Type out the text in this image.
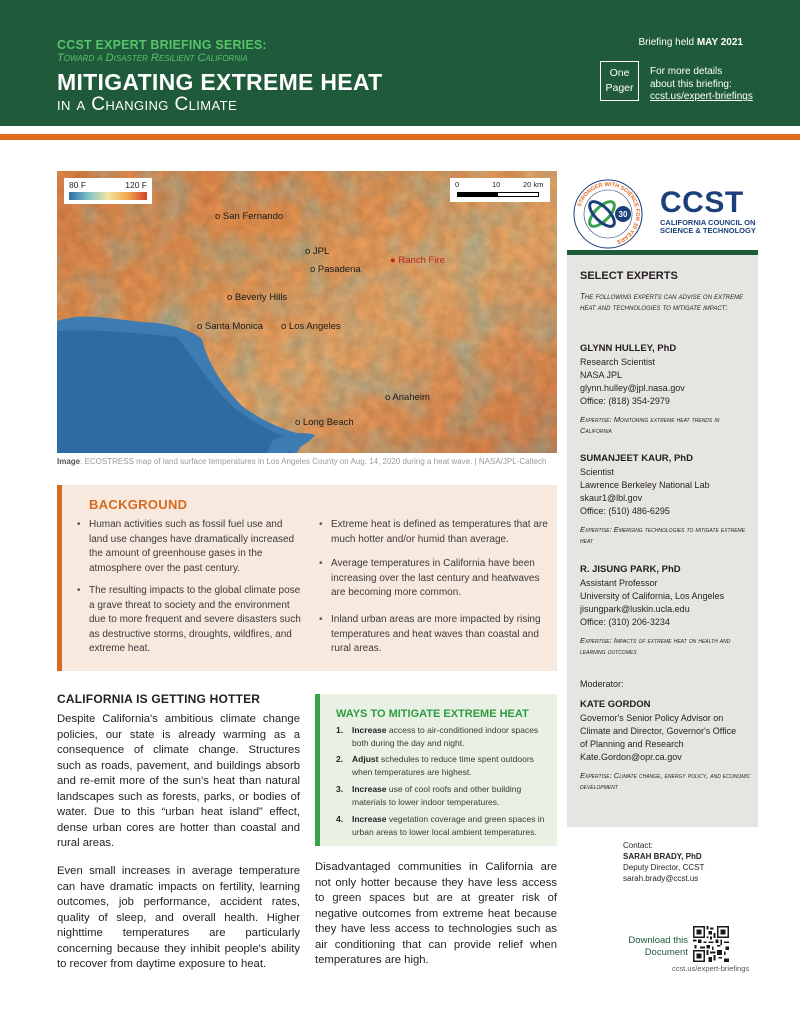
CCST EXPERT BRIEFING SERIES:
Toward a Disaster Resilient California
MITIGATING EXTREME HEAT
in a Changing Climate
Briefing held MAY 2021
One
Pager
For more details
about this briefing:
ccst.us/expert-briefings
80 F	120 F	0	10	20 km
o San Fernando
o JPL
o Pasadena
● Ranch Fire
o Beverly Hills
o Santa Monica o Los Angeles
o Anaheim
o Long Beach
Image: ECOSTRESS map of land surface temperatures in Los Angeles County on Aug. 14, 2020 during a heat wave. | NASA/JPL-Caltech
STRONGER WITH SCIENCE FOR 30 YEARS
30 CCST
CALIFORNIA COUNCIL ON
SCIENCE & TECHNOLOGY
SELECT EXPERTS
The following experts can advise on extreme heat and technologies to mitigate impact:
GLYNN HULLEY, PhD
Research Scientist
NASA JPL
glynn.hulley@jpl.nasa.gov
Office: (818) 354-2979
Expertise: Monitoring extreme heat trends in California
SUMANJEET KAUR, PhD
Scientist
Lawrence Berkeley National Lab
skaur1@lbl.gov
Office: (510) 486-6295
Expertise: Emerging technologies to mitigate extreme heat
R. JISUNG PARK, PhD
Assistant Professor
University of California, Los Angeles
jisungpark@luskin.ucla.edu
Office: (310) 206-3234
Expertise: Impacts of extreme heat on health and learning outcomes
Moderator:
KATE GORDON
Governor's Senior Policy Advisor on
Climate and Director, Governor's Office
of Planning and Research
Kate.Gordon@opr.ca.gov
Expertise: Climate change, energy policy, and economic development
Contact:
SARAH BRADY, PhD
Deputy Director, CCST
sarah.brady@ccst.us
Download this
Document
ccst.us/expert-briefings
BACKGROUND
• Human activities such as fossil fuel use and land use changes have dramatically increased the amount of greenhouse gases in the atmosphere over the past century.
• The resulting impacts to the global climate pose a grave threat to society and the environment due to more frequent and severe disasters such as destructive storms, droughts, wildfires, and extreme heat.
• Extreme heat is defined as temperatures that are much hotter and/or humid than average.
• Average temperatures in California have been increasing over the last century and heatwaves are becoming more common.
• Inland urban areas are more impacted by rising temperatures and heat waves than coastal and rural areas.
CALIFORNIA IS GETTING HOTTER
Despite California's ambitious climate change policies, our state is already warming as a consequence of climate change. Structures such as roads, pavement, and buildings absorb and re-emit more of the sun's heat than natural landscapes such as forests, parks, or bodies of water. Due to this “urban heat island” effect, dense urban cores are hotter than coastal and rural areas.
Even small increases in average temperature can have dramatic impacts on fertility, learning outcomes, job performance, accident rates, quality of sleep, and overall health. Higher nighttime temperatures are particularly concerning because they inhibit people's ability to recover from daytime exposure to heat.
WAYS TO MITIGATE EXTREME HEAT
1. Increase access to air-conditioned indoor spaces both during the day and night.
2. Adjust schedules to reduce time spent outdoors when temperatures are highest.
3. Increase use of cool roofs and other building materials to lower indoor temperatures.
4. Increase vegetation coverage and green spaces in urban areas to lower local ambient temperatures.
Disadvantaged communities in California are not only hotter because they have less access to green spaces but are at greater risk of negative outcomes from extreme heat because they have less access to technologies such as air conditioning that can provide relief when temperatures are high.
